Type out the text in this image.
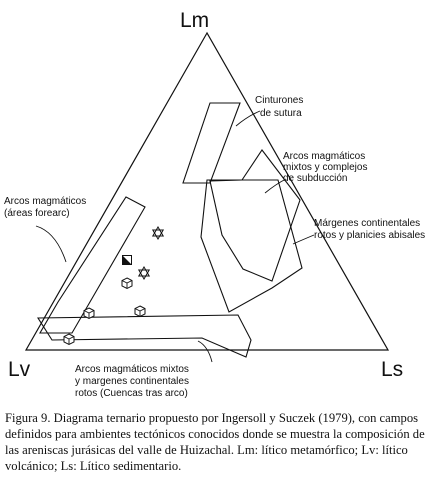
Lm
Lv	Ls
Cinturones de sutura
Arcos magmáticos mixtos y complejos de subducción
Márgenes continentales rotos y planicies abisales
Arcos magmáticos (áreas forearc)
Arcos magmáticos mixtos y margenes continentales rotos (Cuencas tras arco)

Figura 9. Diagrama ternario propuesto por Ingersoll y Suczek (1979), con campos definidos para ambientes tectónicos conocidos donde se muestra la composición de las areniscas jurásicas del valle de Huizachal. Lm: lítico metamórfico; Lv: lítico volcánico; Ls: Lítico sedimentario.
